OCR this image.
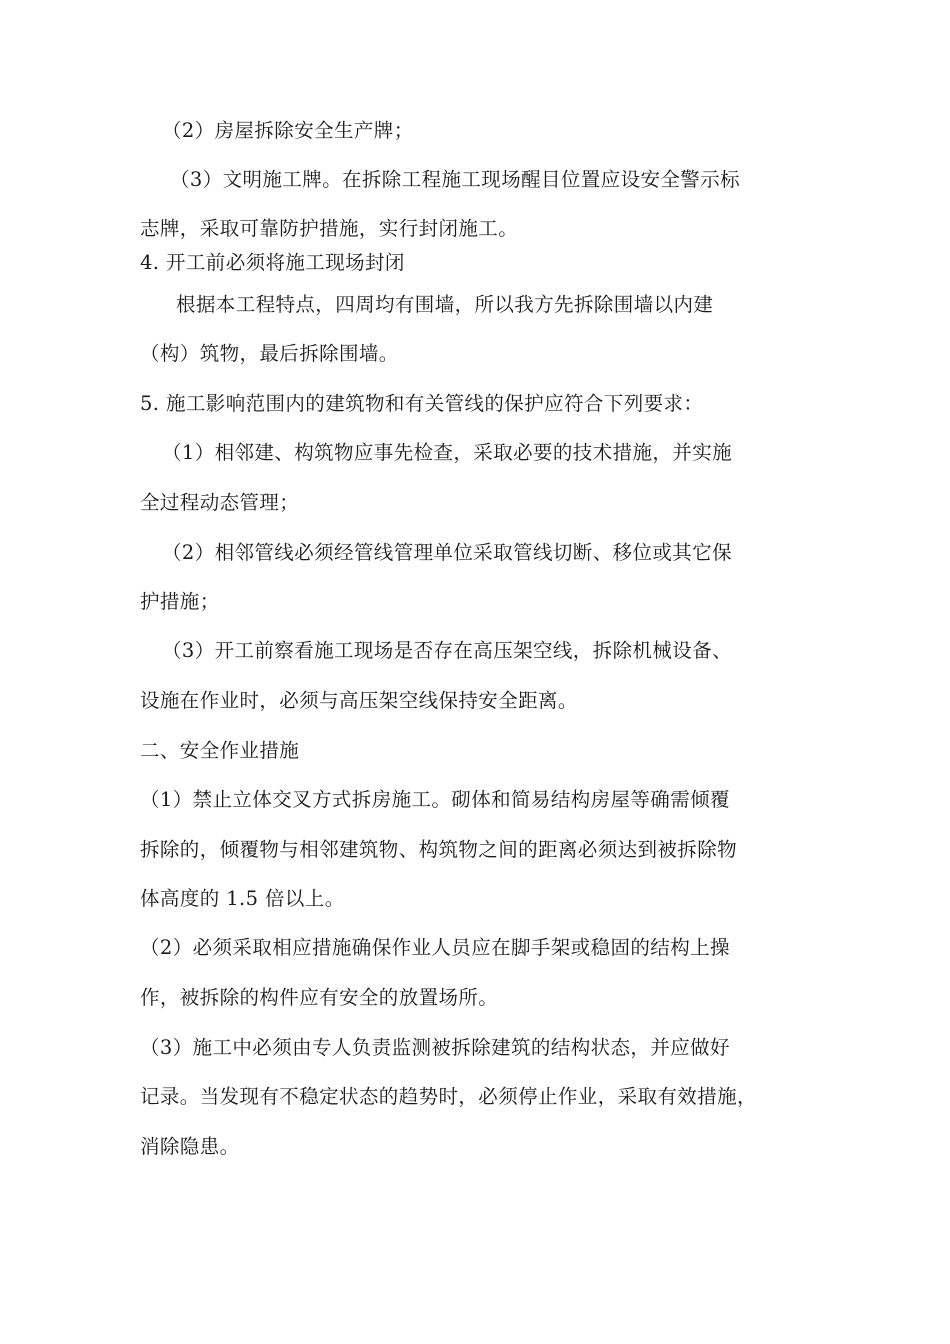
（2）房屋拆除安全生产牌；
（3）文明施工牌。在拆除工程施工现场醒目位置应设安全警示标
志牌，采取可靠防护措施，实行封闭施工。
4. 开工前必须将施工现场封闭
根据本工程特点，四周均有围墙，所以我方先拆除围墙以内建
（构）筑物，最后拆除围墙。
5. 施工影响范围内的建筑物和有关管线的保护应符合下列要求：
（1）相邻建、构筑物应事先检查，采取必要的技术措施，并实施
全过程动态管理；
（2）相邻管线必须经管线管理单位采取管线切断、移位或其它保
护措施；
（3）开工前察看施工现场是否存在高压架空线，拆除机械设备、
设施在作业时，必须与高压架空线保持安全距离。
二、安全作业措施
（1）禁止立体交叉方式拆房施工。砌体和简易结构房屋等确需倾覆
拆除的，倾覆物与相邻建筑物、构筑物之间的距离必须达到被拆除物
体高度的 1.5 倍以上。
（2）必须采取相应措施确保作业人员应在脚手架或稳固的结构上操
作，被拆除的构件应有安全的放置场所。
（3）施工中必须由专人负责监测被拆除建筑的结构状态，并应做好
记录。当发现有不稳定状态的趋势时，必须停止作业，采取有效措施，
消除隐患。
